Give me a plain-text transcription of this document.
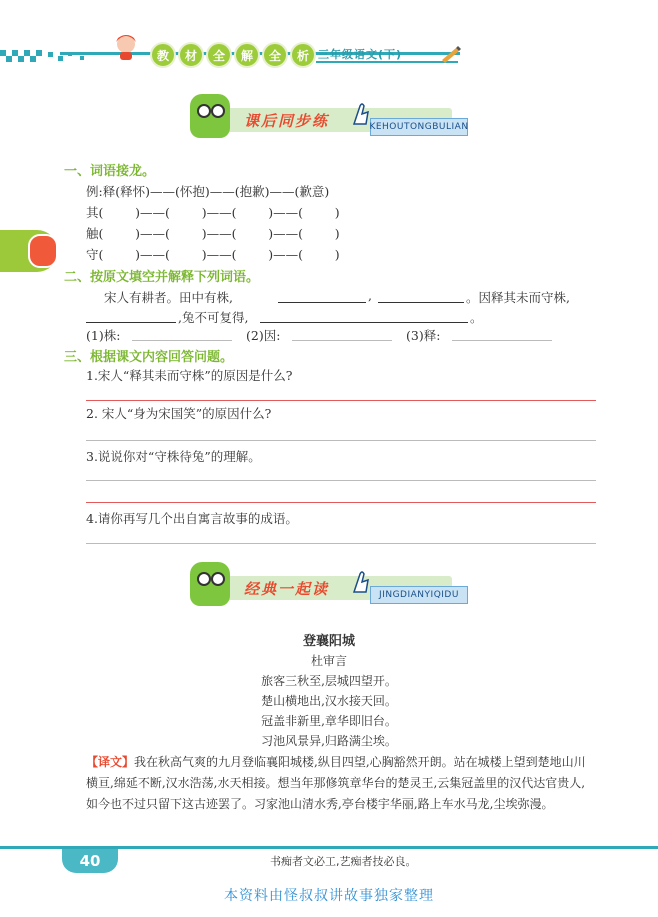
教	材	全	解	全	析 三年级语文(下)
课后同步练	KEHOUTONGBULIAN
一、词语接龙。
例:释(释怀)——(怀抱)——(抱歉)——(歉意)
其(        )——(        )——(        )——(        )
触(        )——(        )——(        )——(        )
守(        )——(        )——(        )——(        )
二、按原文填空并解释下列词语。
宋人有耕者。田中有株,	,	。因释其未而守株,
,兔不可复得,	。
(1)株:	(2)因:	(3)释:
三、根据课文内容回答问题。
1.宋人“释其耒而守株”的原因是什么?
2. 宋人“身为宋国笑”的原因什么?
3.说说你对“守株待兔”的理解。
4.请你再写几个出自寓言故事的成语。
经典一起读	JINGDIANYIQIDU
登襄阳城
杜审言
旅客三秋至,层城四望开。
楚山横地出,汉水接天回。
冠盖非新里,章华即旧台。
习池风景异,归路满尘埃。
【译文】我在秋高气爽的九月登临襄阳城楼,纵目四望,心胸豁然开朗。站在城楼上望到楚地山川横亘,绵延不断,汉水浩荡,水天相接。想当年那修筑章华台的楚灵王,云集冠盖里的汉代达官贵人,如今也不过只留下这古迹罢了。习家池山清水秀,亭台楼宇华丽,路上车水马龙,尘埃弥漫。
40	书痴者文必工,艺痴者技必良。
本资料由怪叔叔讲故事独家整理
